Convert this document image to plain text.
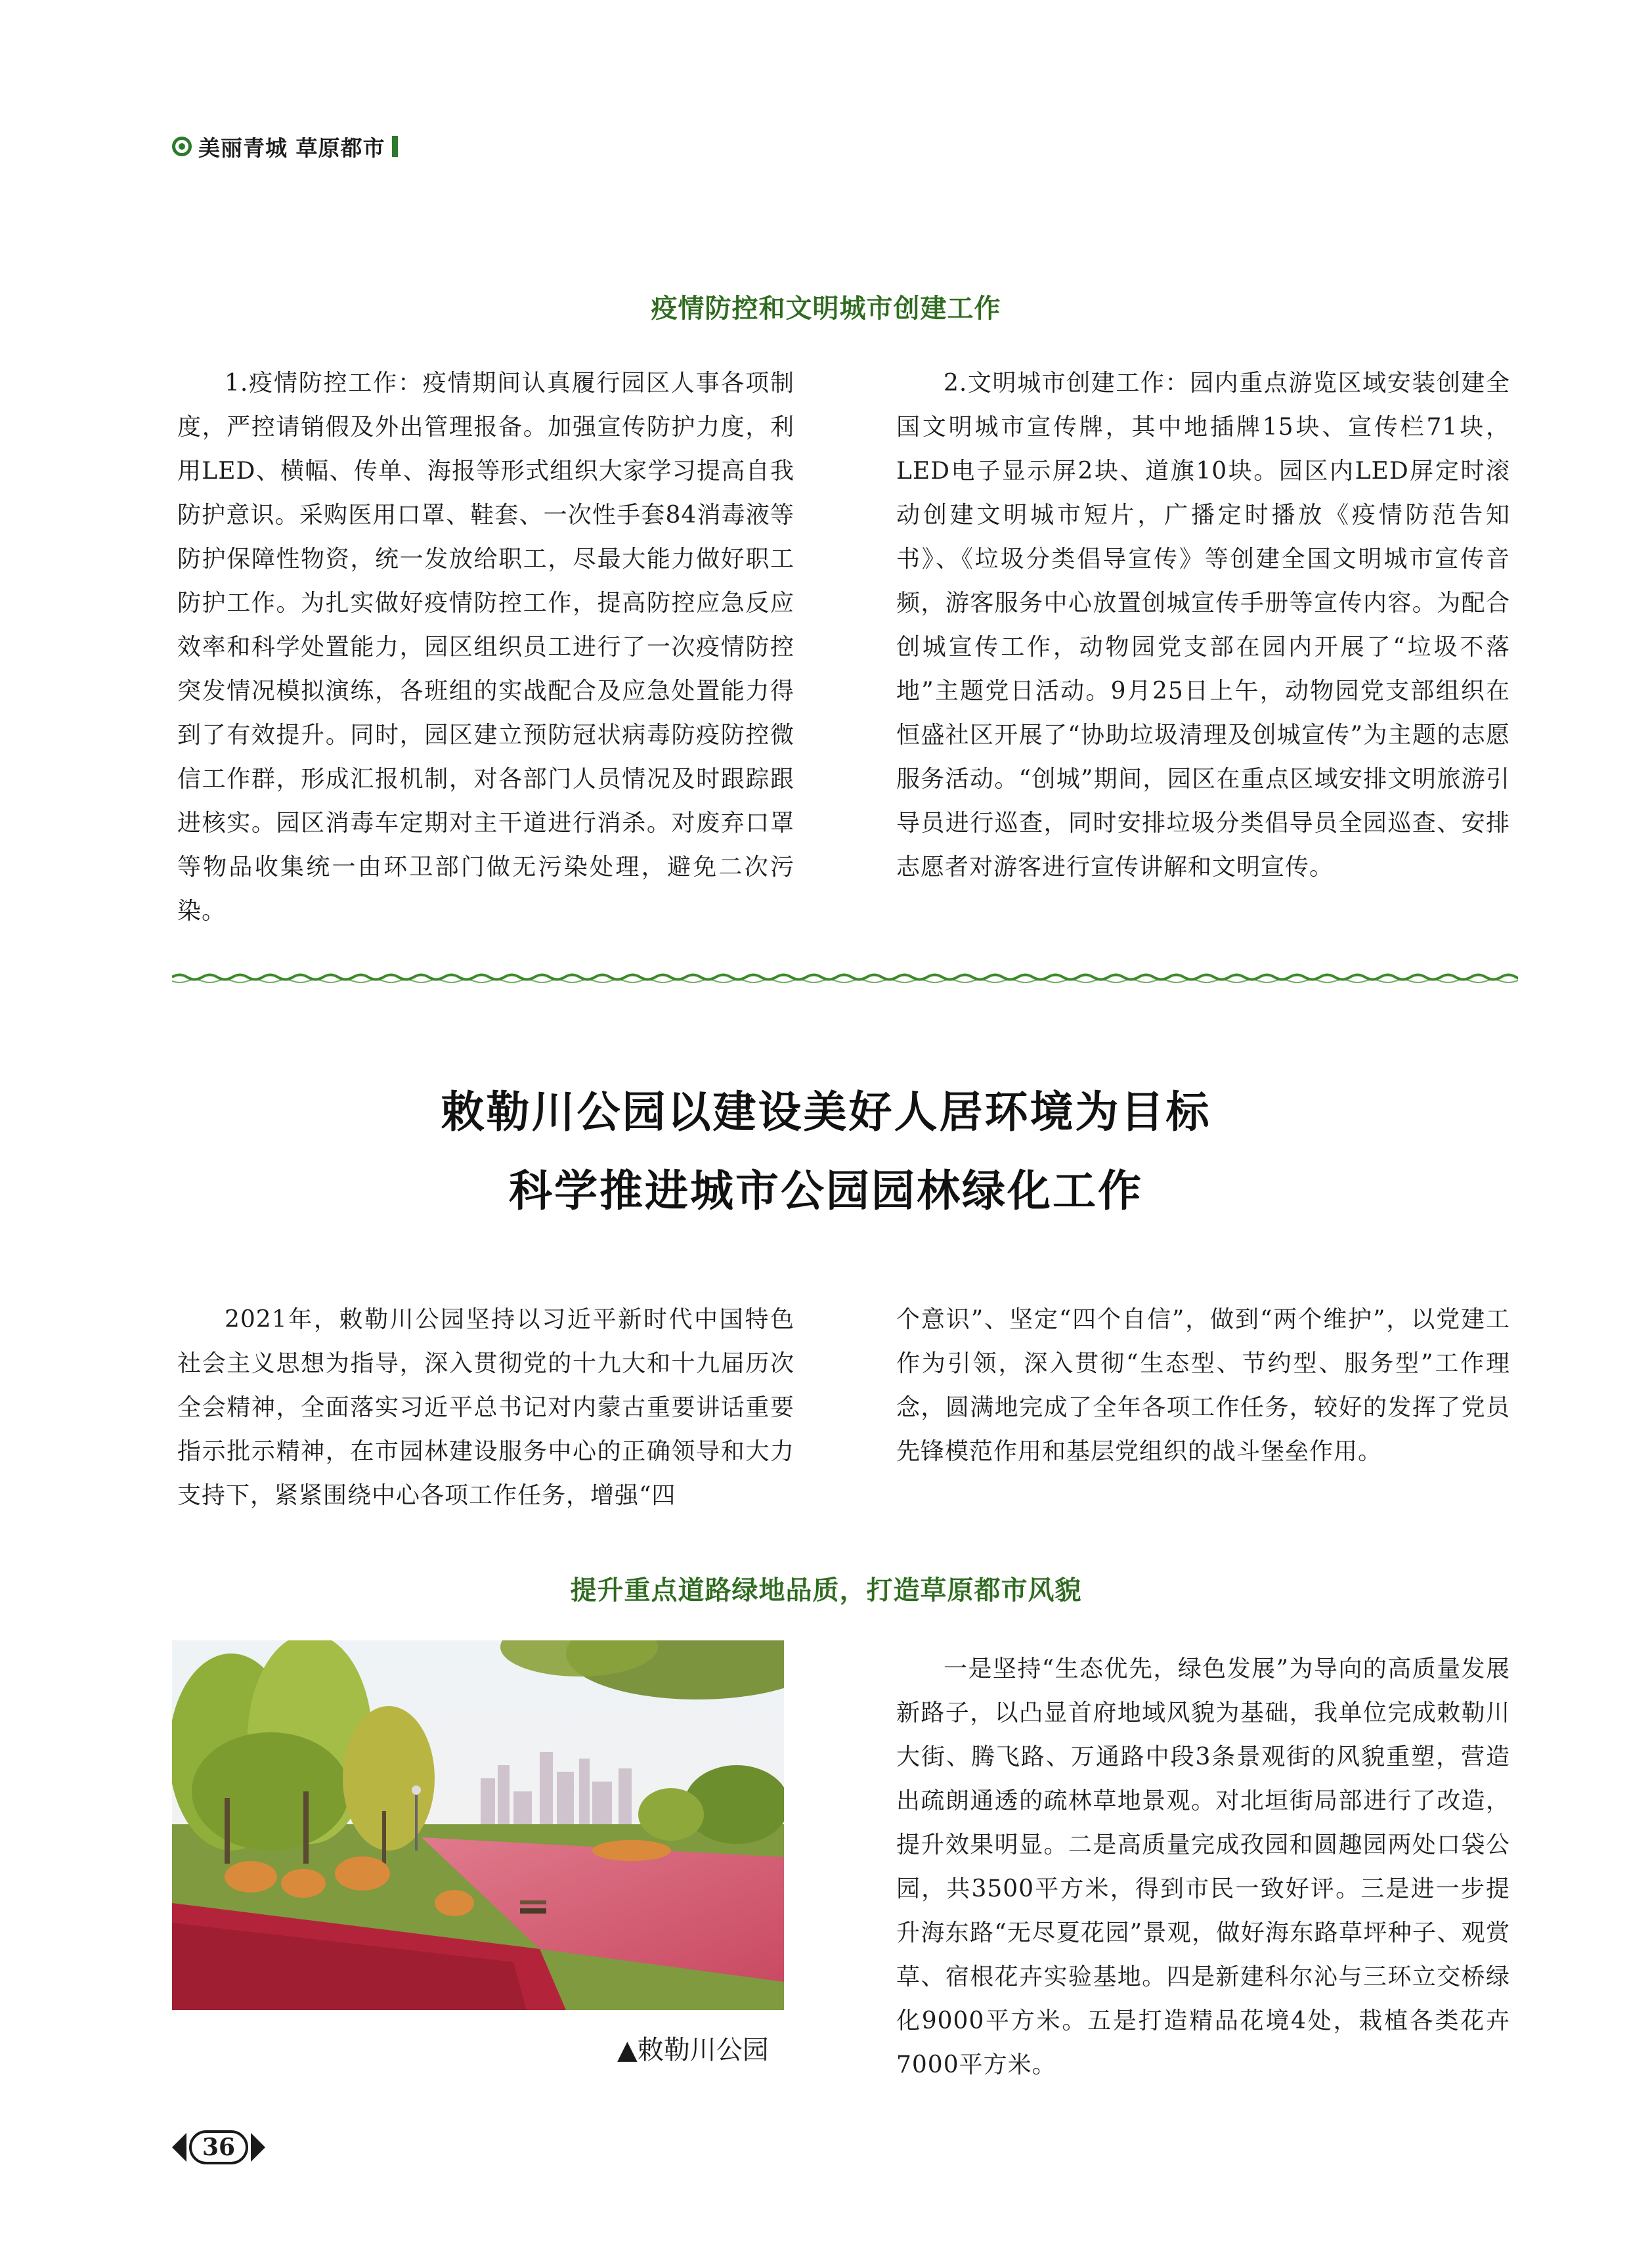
美丽青城 草原都市
疫情防控和文明城市创建工作

1.疫情防控工作：疫情期间认真履行园区人事各项制度，严控请销假及外出管理报备。加强宣传防护力度，利用LED、横幅、传单、海报等形式组织大家学习提高自我防护意识。采购医用口罩、鞋套、一次性手套84消毒液等防护保障性物资，统一发放给职工，尽最大能力做好职工防护工作。为扎实做好疫情防控工作，提高防控应急反应效率和科学处置能力，园区组织员工进行了一次疫情防控突发情况模拟演练，各班组的实战配合及应急处置能力得到了有效提升。同时，园区建立预防冠状病毒防疫防控微信工作群，形成汇报机制，对各部门人员情况及时跟踪跟进核实。园区消毒车定期对主干道进行消杀。对废弃口罩等物品收集统一由环卫部门做无污染处理，避免二次污染。

2.文明城市创建工作：园内重点游览区域安装创建全国文明城市宣传牌，其中地插牌15块、宣传栏71块，LED电子显示屏2块、道旗10块。园区内LED屏定时滚动创建文明城市短片，广播定时播放《疫情防范告知书》、《垃圾分类倡导宣传》等创建全国文明城市宣传音频，游客服务中心放置创城宣传手册等宣传内容。为配合创城宣传工作，动物园党支部在园内开展了“垃圾不落地”主题党日活动。9月25日上午，动物园党支部组织在恒盛社区开展了“协助垃圾清理及创城宣传”为主题的志愿服务活动。“创城”期间，园区在重点区域安排文明旅游引导员进行巡查，同时安排垃圾分类倡导员全园巡查、安排志愿者对游客进行宣传讲解和文明宣传。

敕勒川公园以建设美好人居环境为目标
科学推进城市公园园林绿化工作

2021年，敕勒川公园坚持以习近平新时代中国特色社会主义思想为指导，深入贯彻党的十九大和十九届历次全会精神，全面落实习近平总书记对内蒙古重要讲话重要指示批示精神，在市园林建设服务中心的正确领导和大力支持下，紧紧围绕中心各项工作任务，增强“四

个意识”、坚定“四个自信”，做到“两个维护”，以党建工作为引领，深入贯彻“生态型、节约型、服务型”工作理念，圆满地完成了全年各项工作任务，较好的发挥了党员先锋模范作用和基层党组织的战斗堡垒作用。

提升重点道路绿地品质，打造草原都市风貌
▲敕勒川公园

一是坚持“生态优先，绿色发展”为导向的高质量发展新路子，以凸显首府地域风貌为基础，我单位完成敕勒川大街、腾飞路、万通路中段3条景观街的风貌重塑，营造出疏朗通透的疏林草地景观。对北垣街局部进行了改造，提升效果明显。二是高质量完成孜园和圆趣园两处口袋公园，共3500平方米，得到市民一致好评。三是进一步提升海东路“无尽夏花园”景观，做好海东路草坪种子、观赏草、宿根花卉实验基地。四是新建科尔沁与三环立交桥绿化9000平方米。五是打造精品花境4处，栽植各类花卉7000平方米。

36
